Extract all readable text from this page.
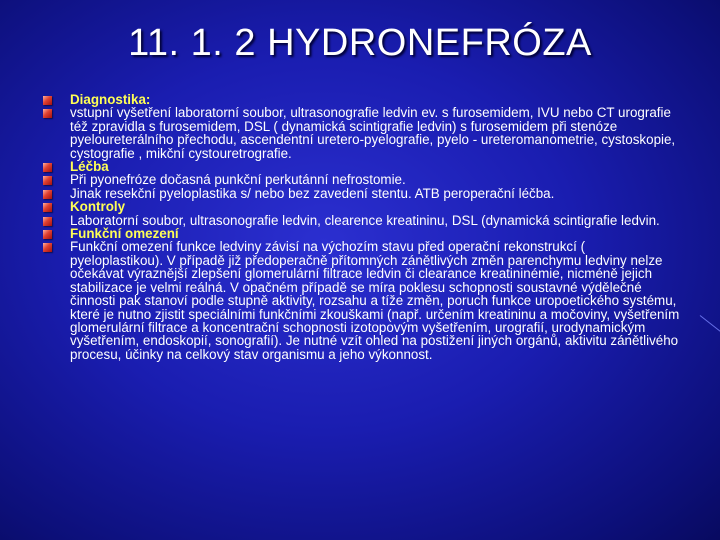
11. 1. 2 HYDRONEFRÓZA
Diagnostika:
vstupní vyšetření laboratorní soubor, ultrasonografie ledvin ev. s furosemidem, IVU nebo CT urografie též zpravidla s furosemidem, DSL ( dynamická scintigrafie ledvin) s furosemidem při stenóze pyeloureterálního přechodu, ascendentní uretero-pyelografie, pyelo - ureteromanometrie, cystoskopie, cystografie , mikční cystouretrografie.
Léčba
Při pyonefróze dočasná punkční perkutánní nefrostomie.
Jinak resekční pyeloplastika s/ nebo bez zavedení stentu. ATB peroperační léčba.
Kontroly
Laboratorní soubor, ultrasonografie ledvin, clearence kreatininu, DSL (dynamická scintigrafie ledvin.
Funkční omezení
Funkční omezení funkce ledviny závisí na výchozím stavu před operační rekonstrukcí ( pyeloplastikou). V případě již předoperačně přítomných zánětlivých změn parenchymu ledviny nelze očekávat výraznější zlepšení glomerulární filtrace ledvin či clearance kreatininémie, nicméně jejich stabilizace je velmi reálná. V opačném případě se míra poklesu schopnosti soustavné výdělečné činnosti pak stanoví podle stupně aktivity, rozsahu a tíže změn, poruch funkce uropoetického systému, které je nutno zjistit speciálními funkčními zkouškami (např. určením kreatininu a močoviny, vyšetřením glomerulární filtrace a koncentrační schopnosti izotopovým vyšetřením, urografií, urodynamickým vyšetřením, endoskopií, sonografií). Je nutné vzít ohled na postižení jiných orgánů, aktivitu zánětlivého procesu, účinky na celkový stav organismu a jeho výkonnost.
